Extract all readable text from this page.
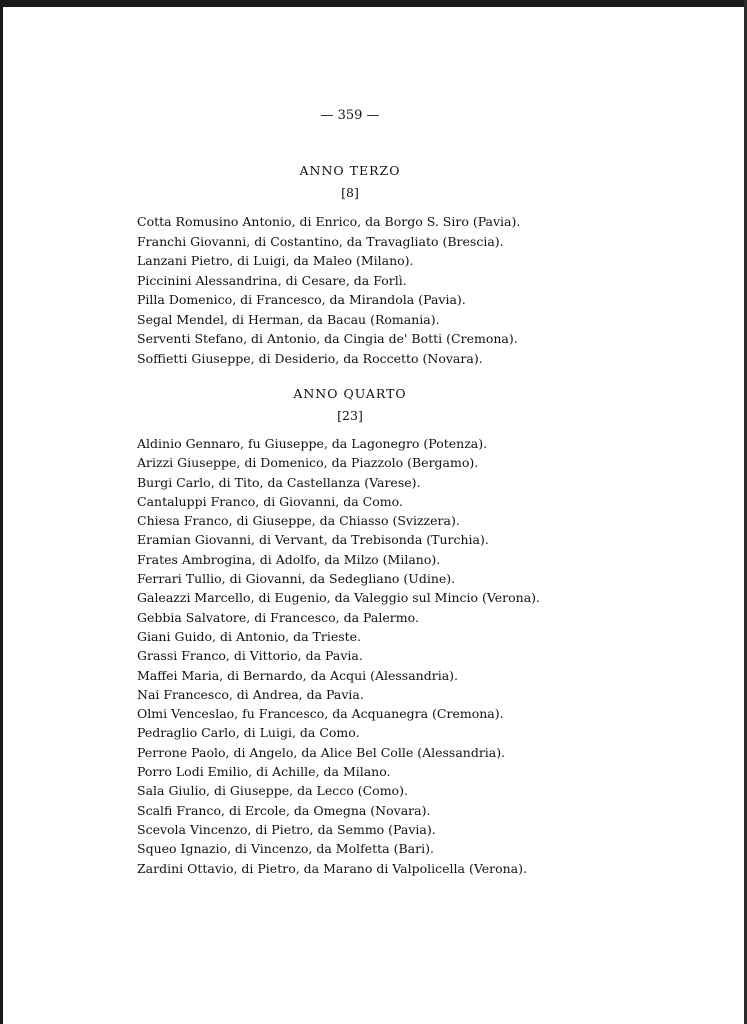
— 359 —
ANNO TERZO
[8]
Cotta Romusino Antonio, di Enrico, da Borgo S. Siro (Pavia).
Franchi Giovanni, di Costantino, da Travagliato (Brescia).
Lanzani Pietro, di Luigi, da Maleo (Milano).
Piccinini Alessandrina, di Cesare, da Forlì.
Pilla Domenico, di Francesco, da Mirandola (Pavia).
Segal Mendel, di Herman, da Bacau (Romania).
Serventi Stefano, di Antonio, da Cingia de' Botti (Cremona).
Soffietti Giuseppe, di Desiderio, da Roccetto (Novara).
ANNO QUARTO
[23]
Aldinio Gennaro, fu Giuseppe, da Lagonegro (Potenza).
Arizzi Giuseppe, di Domenico, da Piazzolo (Bergamo).
Burgi Carlo, di Tito, da Castellanza (Varese).
Cantaluppi Franco, di Giovanni, da Como.
Chiesa Franco, di Giuseppe, da Chiasso (Svizzera).
Eramian Giovanni, di Vervant, da Trebisonda (Turchia).
Frates Ambrogina, di Adolfo, da Milzo (Milano).
Ferrari Tullio, di Giovanni, da Sedegliano (Udine).
Galeazzi Marcello, di Eugenio, da Valeggio sul Mincio (Verona).
Gebbia Salvatore, di Francesco, da Palermo.
Giani Guido, di Antonio, da Trieste.
Grassi Franco, di Vittorio, da Pavia.
Maffei Maria, di Bernardo, da Acqui (Alessandria).
Nai Francesco, di Andrea, da Pavia.
Olmi Venceslao, fu Francesco, da Acquanegra (Cremona).
Pedraglio Carlo, di Luigi, da Como.
Perrone Paolo, di Angelo, da Alice Bel Colle (Alessandria).
Porro Lodi Emilio, di Achille, da Milano.
Sala Giulio, di Giuseppe, da Lecco (Como).
Scalfi Franco, di Ercole, da Omegna (Novara).
Scevola Vincenzo, di Pietro, da Semmo (Pavia).
Squeo Ignazio, di Vincenzo, da Molfetta (Bari).
Zardini Ottavio, di Pietro, da Marano di Valpolicella (Verona).
